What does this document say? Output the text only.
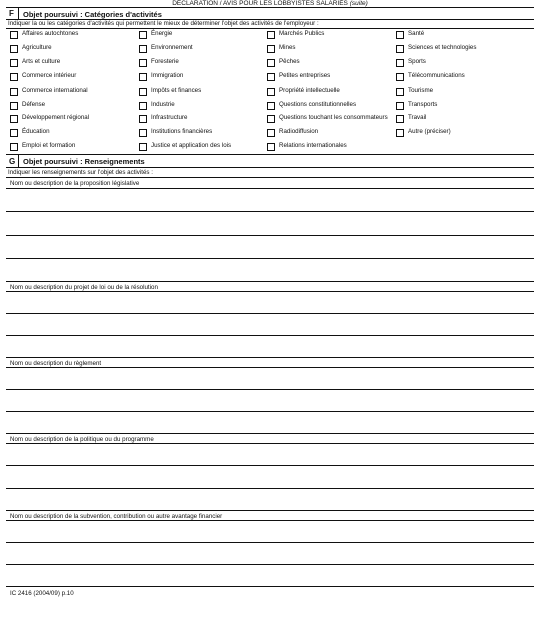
DÉCLARATION / AVIS POUR LES LOBBYISTES SALARIÉS (suite)
F Objet poursuivi : Catégories d'activités
Indiquer la ou les catégories d'activités qui permettent le mieux de déterminer l'objet des activités de l'employeur :
Affaires autochtones
Agriculture
Arts et culture
Commerce intérieur
Commerce international
Défense
Développement régional
Éducation
Emploi et formation
Énergie
Environnement
Foresterie
Immigration
Impôts et finances
Industrie
Infrastructure
Institutions financières
Justice et application des lois
Marchés Publics
Mines
Pêches
Petites entreprises
Propriété intellectuelle
Questions constitutionnelles
Questions touchant les consommateurs
Radiodiffusion
Relations internationales
Santé
Sciences et technologies
Sports
Télécommunications
Tourisme
Transports
Travail
Autre (préciser)
G Objet poursuivi : Renseignements
Indiquer les renseignements sur l'objet des activités :
Nom ou description de la proposition législative
Nom ou description du projet de loi ou de la résolution
Nom ou description du règlement
Nom ou description de la politique ou du programme
Nom ou description de la subvention, contribution ou autre avantage financier
IC 2416 (2004/09) p.10
